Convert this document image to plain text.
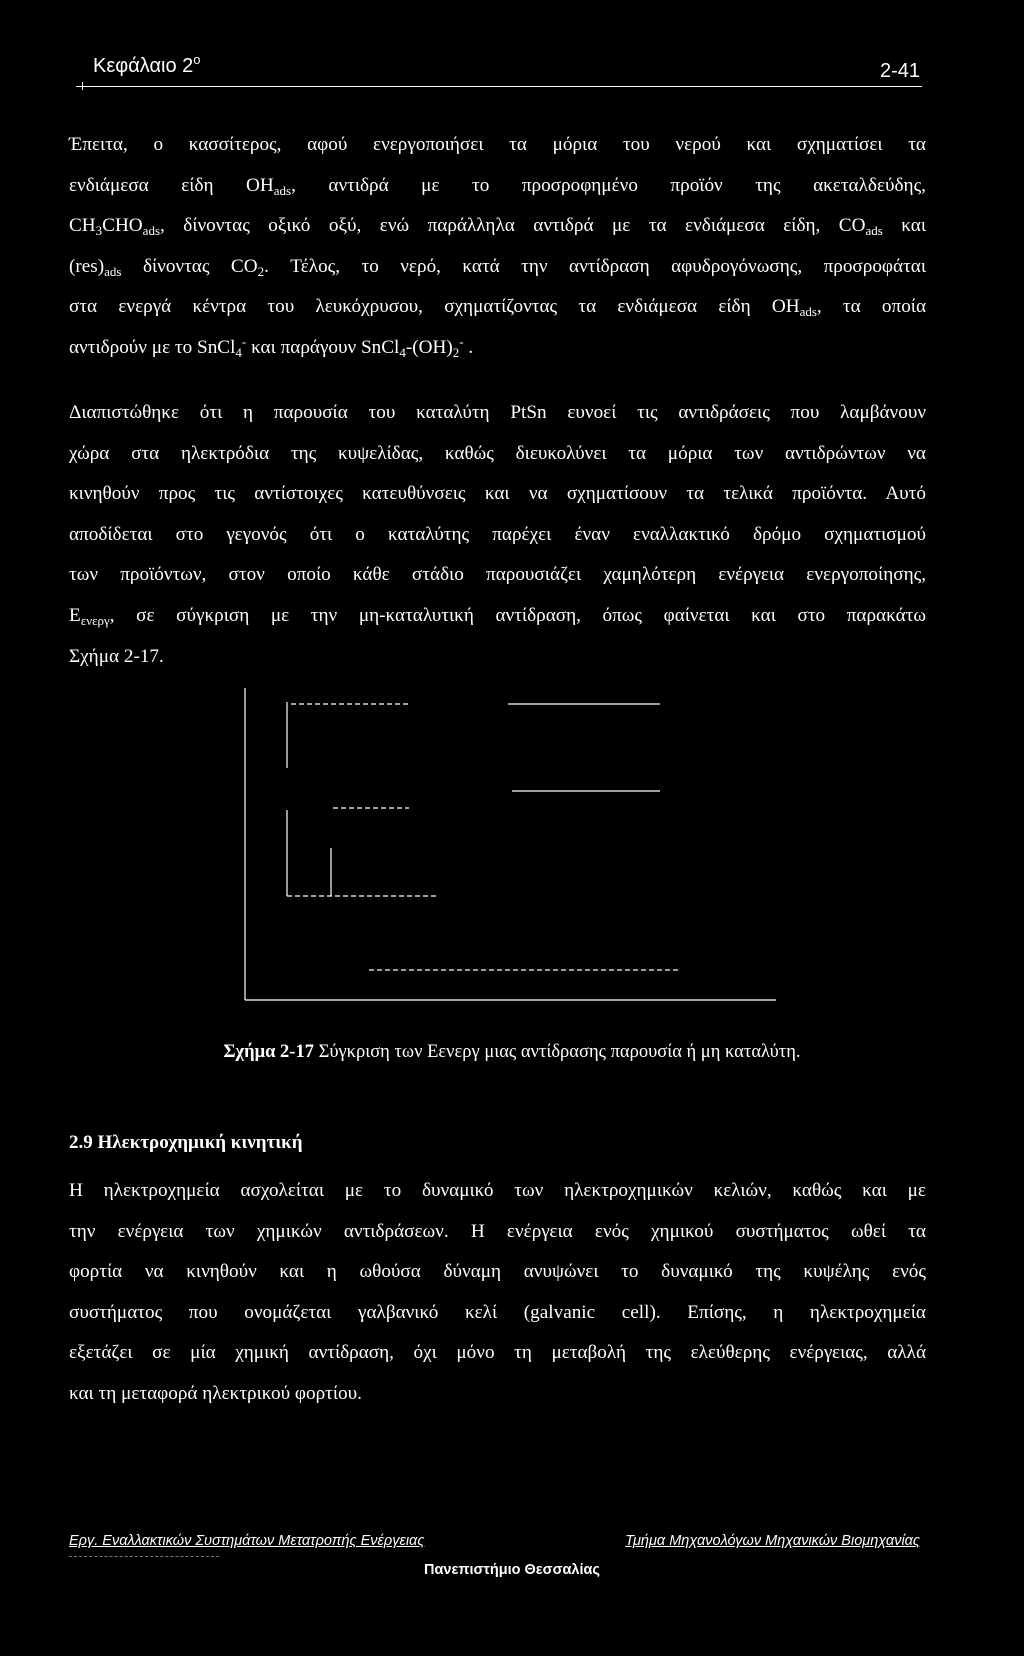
Κεφάλαιο $2^o$
2-41
Έπειτα, ο κασσίτερος, αφού ενεργοποιήσει τα μόρια του νερού και σχηματίσει τα
ενδιάμεσα είδη $OH_{ads}$, αντιδρά με το προσροφημένο προϊόν της ακεταλδεύδης,
$CH_3CHO_{ads}$, δίνοντας οξικό οξύ, ενώ παράλληλα αντιδρά με τα ενδιάμεσα είδη, $CO_{ads}$ και
$(res)_{ads}$ δίνοντας $CO_2$. Τέλος, το νερό, κατά την αντίδραση αφυδρογόνωσης, προσροφάται
στα ενεργά κέντρα του λευκόχρυσου, σχηματίζοντας τα ενδιάμεσα είδη $OH_{ads}$, τα οποία
αντιδρούν με το SnCl$_4$- και παράγουν $SnCl_4-(OH)_2^-$ .
Διαπιστώθηκε ότι η παρουσία του καταλύτη PtSn ευνοεί τις αντιδράσεις που λαμβάνουν
χώρα στα ηλεκτρόδια της κυψελίδας, καθώς διευκολύνει τα μόρια των αντιδρώντων να
κινηθούν προς τις αντίστοιχες κατευθύνσεις και να σχηματίσουν τα τελικά προϊόντα. Αυτό
αποδίδεται στο γεγονός ότι ο καταλύτης παρέχει έναν εναλλακτικό δρόμο σχηματισμού
των προϊόντων, στον οποίο κάθε στάδιο παρουσιάζει χαμηλότερη ενέργεια ενεργοποίησης,
$E_{\varepsilon\nu\varepsilon\rho\gamma}$, σε σύγκριση με την μη-καταλυτική αντίδραση, όπως φαίνεται και στο παρακάτω
Σχήμα 2-17.
Σχήμα 2-17 Σύγκριση των Εενεργ μιας αντίδρασης παρουσία ή μη καταλύτη.
2.9 Ηλεκτροχημική κινητική
Η ηλεκτροχημεία ασχολείται με το δυναμικό των ηλεκτροχημικών κελιών, καθώς και με
την ενέργεια των χημικών αντιδράσεων. Η ενέργεια ενός χημικού συστήματος ωθεί τα
φορτία να κινηθούν και η ωθούσα δύναμη ανυψώνει το δυναμικό της κυψέλης ενός
συστήματος που ονομάζεται γαλβανικό κελί (galvanic cell). Επίσης, η ηλεκτροχημεία
εξετάζει σε μία χημική αντίδραση, όχι μόνο τη μεταβολή της ελεύθερης ενέργειας, αλλά
και τη μεταφορά ηλεκτρικού φορτίου.
Εργ. Εναλλακτικών Συστημάτων Μετατροπής Ενέργειας	Τμήμα Μηχανολόγων Μηχανικών Βιομηχανίας
Πανεπιστήμιο Θεσσαλίας
